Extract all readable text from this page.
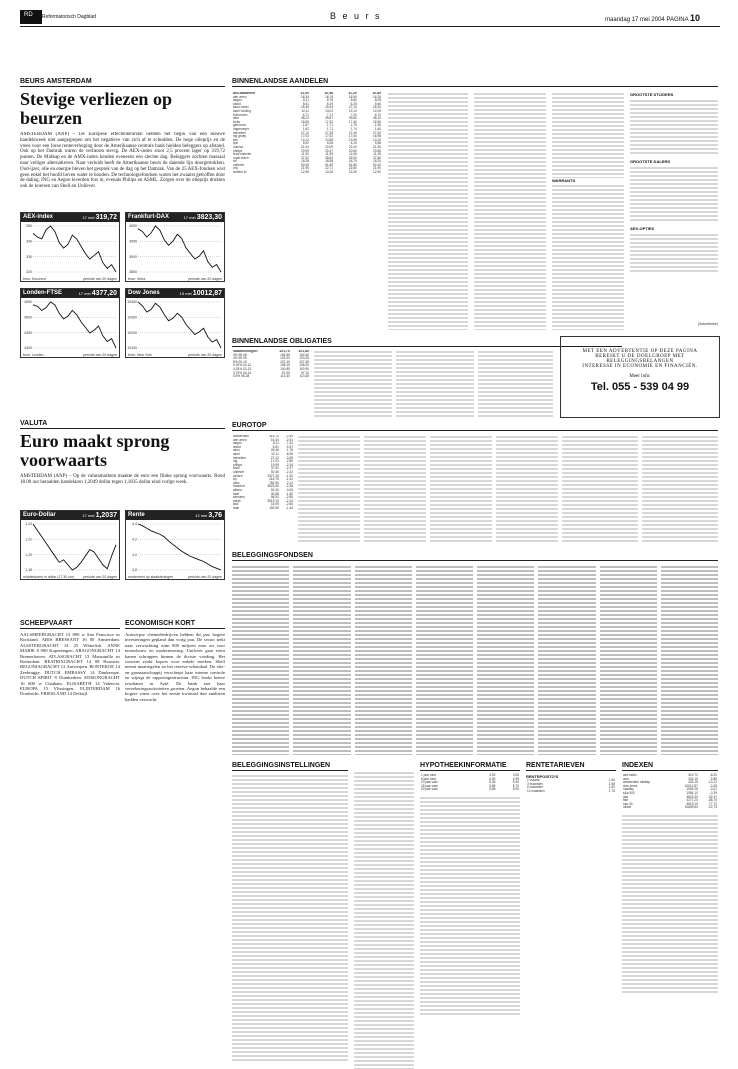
RD	Reformatorisch Dagblad	B e u r s	maandag 17 mei 2004 PAGINA 10
BEURS AMSTERDAM
Stevige verliezen op beurzen
AMSTERDAM (ANP) – De Europese effectenbeurzen hebben het begin van een nieuwe handelsweek niet aangegrepen om het negatieve van zich af te schudden. De hoge olieprijs en de vrees voor een forse renteverhoging door de Amerikaanse centrale bank hielden beleggers op afstand. Ook op het Damrak waren de verliezen stevig. De AEX-index sloot 2,5 procent lager op 319,72 punten. De Midkap en de AMX-index kenden eveneens een slechte dag. Beleggers zochten massaal naar veiliger alternatieven. Naar verluidt heeft de Amerikaanse beurs de dalende lijn doorgetrokken. Oud-ijzer, olie en energie bleven het gesprek van de dag op het Damrak. Van de 25 AEX-fondsen wist geen enkel het hoofd boven water te houden. De technologiefondsen waren het zwaarst getroffen door de daling. ING en Aegon leverden fors in, evenals Philips en ASML. Zorgen over de olieprijs drukten ook de koersen van Shell en Unilever.
AEX-index	17 mei 319,72
350
340
330
320
bron: Euronext	periode van 20 dagen
Frankfurt-DAX	17 mei 3823,30
4000
3950
3900
3850
bron: Xetra	periode van 20 dagen
Londen-FTSE	17 mei 4377,20
4550
4500
4450
4400
bron: Londen	periode van 20 dagen
Dow Jones	15 mei 10012,87
10400
10300
10200
10100
bron: New York	periode van 20 dagen
VALUTA
Euro maakt sprong voorwaarts
AMSTERDAM (ANP) – Op de valutamarkten maakte de euro een flinke sprong voorwaarts. Rond 18.00 uur betaalden handelaren 1,2049 dollar tegen 1,1835 dollar eind vorige week.
Euro-Dollar	17 mei 1,2037
1,24
1,22
1,20
1,18
middenkoers in dollar (17.30 uur)	periode van 20 dagen
Rente	12 mei 3,76
4,4
4,2
4,0
3,8
rendement op staatsleningen	periode van 20 dagen
SCHEEPVAART
AALSMEERGRACHT 13 800 w San Francisco nr Rockland. ABIS BRESSANT 16 80 Amsterdam. ALSSTERGRACHT 14 25 Whitefish. ANNE MARIE 8 900 Kopenhagen. ARAGONGRACHT 14 Bremerhaven. ATLASGRACHT 13 Manzanillo nr Rotterdam. BEATRIXGRACHT 14 08 Houston. BEGONIAGRACHT 12 Antwerpen. BONTEKOE 14 Zeebrugge. DUTCH EMBASSY 14 Dunkerque. DUTCH SPIRIT 8 Duinkerken. EDISONGRACHT 16 600 w Chatham. ELISABETH 14 Valencia. EUROPA 15 Vlissingen. FLINTERDAM 16 Dordrecht. FRIESLAND 14 Delfzijl.
ECONOMISCH KORT
Antwerpse chemiebedrijven hebben dit jaar hogere investeringen gepland dan vorig jaar. De sector trekt naar verwachting ruim 800 miljoen euro uit voor nieuwbouw en modernisering. Unilever gaat extra banen schrappen binnen de divisie voeding. Het concern zoekt kopers voor enkele merken. Shell neemt maatregelen na het reserve-schandaal. De olie- en gasmaatschappij verscherpt haar interne controle en wijzigt de rapportagestructuur. ING boekt betere resultaten in Azië. De bank ziet haar verzekeringsactiviteiten groeien. Aegon behaalde een hogere winst over het eerste kwartaal dan analisten hadden verwacht.
BINNENLANDSE AANDELEN
aex-aandelen	11,00	10,98	11,20	10,85
abn amro	16,34	16,76	16,90	16,25
aegon	8,11	8,76	8,80	8,05
ahold	5,61	6,19	6,25	5,60
akzo nobel	26,46	26,94	27,10	26,30
asml holding	12,11	13,02	13,10	12,05
buhrmann	6,71	7,17	7,20	6,70
dsm	38,22	39,67	39,80	38,10
fortis	16,59	17,32	17,40	16,55
getronics	1,57	1,71	1,75	1,55
hagemeyer	1,62	1,71	1,74	1,60
heineken	27,12	27,28	27,40	27,00
ing groep	17,03	17,52	17,60	16,98
klm	13,12	13,88	13,95	13,10
kpn	5,92	6,06	6,10	5,88
numico	21,44	22,09	22,20	21,30
philips	19,99	20,47	20,60	19,85
reed elsevier	11,30	11,59	11,65	11,25
royal dutch	37,92	38,84	39,00	37,80
tnt	18,28	18,58	18,70	18,20
unilever	50,45	51,65	51,80	50,40
vnu	21,95	22,71	22,80	21,90
wolters kl.	12,98	13,26	13,35	12,90
GROOTSTE STIJGERS
GROOTSTE DALERS
AEX-OPTIES
WARRANTS
(Advertentie)
BINNENLANDSE OBLIGATIES
staatsleningen	101,70	101,80
4% 98-08	104,55	104,60
4% 99-09	103,20	103,25
5% 00-10	107,40	107,45
5,25% 02-12	108,15	108,20
4,25% 03-13	100,85	100,90
3,75% 04-14	97,05	97,10
5,5% 98-28	113,40	113,45
MET EEN ADVERTENTIE OP DEZE PAGINA
BEREIKT U DE DOELGROEP MET BELEGGINGSBELANGEN
INTERESSE IN ECONOMIE EN FINANCIËN.
Meer info:
Tel. 055 - 539 04 99
EUROTOP
amsterdam	319,72	-2,49
abn amro	16,34	-2,51
aegon	8,11	-7,42
ahold	5,61	-9,37
akzo	26,46	-1,78
asml	12,11	-6,99
heineken	27,12	-0,59
ing	17,03	-2,80
philips	19,99	-2,34
shell	37,92	-2,37
unilever	50,45	-2,32
londen	4377,20	-1,92
bp	416,75	-1,41
hsbc	782,50	-2,12
frankfurt	3823,30	-2,36
allianz	82,40	-3,06
basf	40,85	-1,80
siemens	56,92	-2,65
parijs	3519,10	-2,16
axa	16,09	-2,84
total	150,90	-1,44
BELEGGINGSFONDSEN
BELEGGINGSINSTELLINGEN	HYPOTHEEKINFORMATIE
1 jaar vast	3,90	3,95
5 jaar vast	4,90	4,95
10 jaar vast	5,35	5,40
15 jaar vast	5,65	5,70
20 jaar vast	5,85	5,90
RENTETARIEVEN
RENTEPOSITO'S
1 maand	1,50
3 maanden	1,55
6 maanden	1,60
12 maanden	1,75
INDEXEN
aex-index	319,72	-8,20
amx	432,15	-9,85
amsterdam midkap	432,15	-10,12
dow jones	10012,87	-0,25
nasdaq	1904,25	-0,21
s&p 500	1084,10	-0,29
dax	3823,30	-92,47
ftse	4377,20	-85,70
cac-40	3519,10	-77,70
nikkei	10849,63	-22,74
